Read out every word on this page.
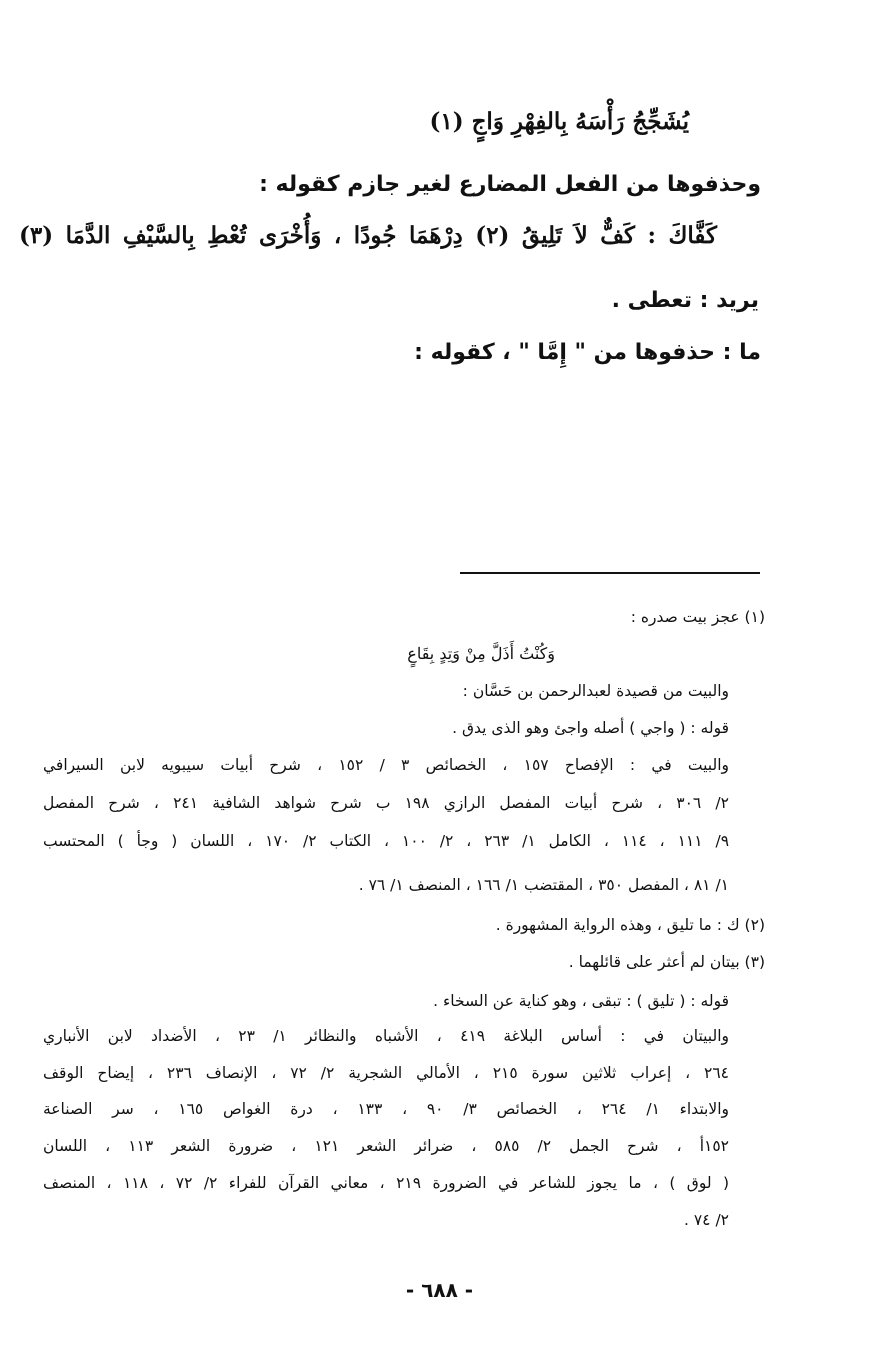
يُشَجِّجُ رَأْسَهُ بِالفِهْرِ وَاجٍ (١)
وحذفوها من الفعل المضارع لغير جازم كقوله :
كَفَّاكَ : كَفٌّ لاَ تَلِيقُ (٢) دِرْهَمَا جُودًا ، وَأُخْرَى تُعْطِ بِالسَّيْفِ الدَّمَا (٣)
يريد : تعطى .
ما : حذفوها من " إِمَّا " ، كقوله :
(١) عجز بيت صدره :
وَكُنْتُ أَذَلَّ مِنْ وَتِدٍ بِقَاعٍ
والبيت من قصيدة لعبدالرحمن بن حَسَّان :
قوله : ( واجي ) أصله واجئ وهو الذى يدق .
والبيت في : الإفصاح ١٥٧ ، الخصائص ٣ / ١٥٢ ، شرح أبيات سيبويه لابن السيرافي
٢/ ٣٠٦ ، شرح أبيات المفصل الرازي ١٩٨ ب شرح شواهد الشافية ٢٤١ ، شرح المفصل
٩/ ١١١ ، ١١٤ ، الكامل ١/ ٢٦٣ ، ٢/ ١٠٠ ، الكتاب ٢/ ١٧٠ ، اللسان ( وجأ ) المحتسب
١/ ٨١ ، المفصل ٣٥٠ ، المقتضب ١/ ١٦٦ ، المنصف ١/ ٧٦ .
(٢) ك : ما تليق ، وهذه الرواية المشهورة .
(٣) بيتان لم أعثر على قائلهما .
قوله : ( تليق ) : تبقى ، وهو كناية عن السخاء .
والبيتان في : أساس البلاغة ٤١٩ ، الأشباه والنظائر ١/ ٢٣ ، الأضداد لابن الأنباري
٢٦٤ ، إعراب ثلاثين سورة ٢١٥ ، الأمالي الشجرية ٢/ ٧٢ ، الإنصاف ٢٣٦ ، إيضاح الوقف
والابتداء ١/ ٢٦٤ ، الخصائص ٣/ ٩٠ ، ١٣٣ ، درة الغواص ١٦٥ ، سر الصناعة
١٥٢أ ، شرح الجمل ٢/ ٥٨٥ ، ضرائر الشعر ١٢١ ، ضرورة الشعر ١١٣ ، اللسان
( لوق ) ، ما يجوز للشاعر في الضرورة ٢١٩ ، معاني القرآن للفراء ٢/ ٧٢ ، ١١٨ ، المنصف
٢/ ٧٤ .
- ٦٨٨ -
